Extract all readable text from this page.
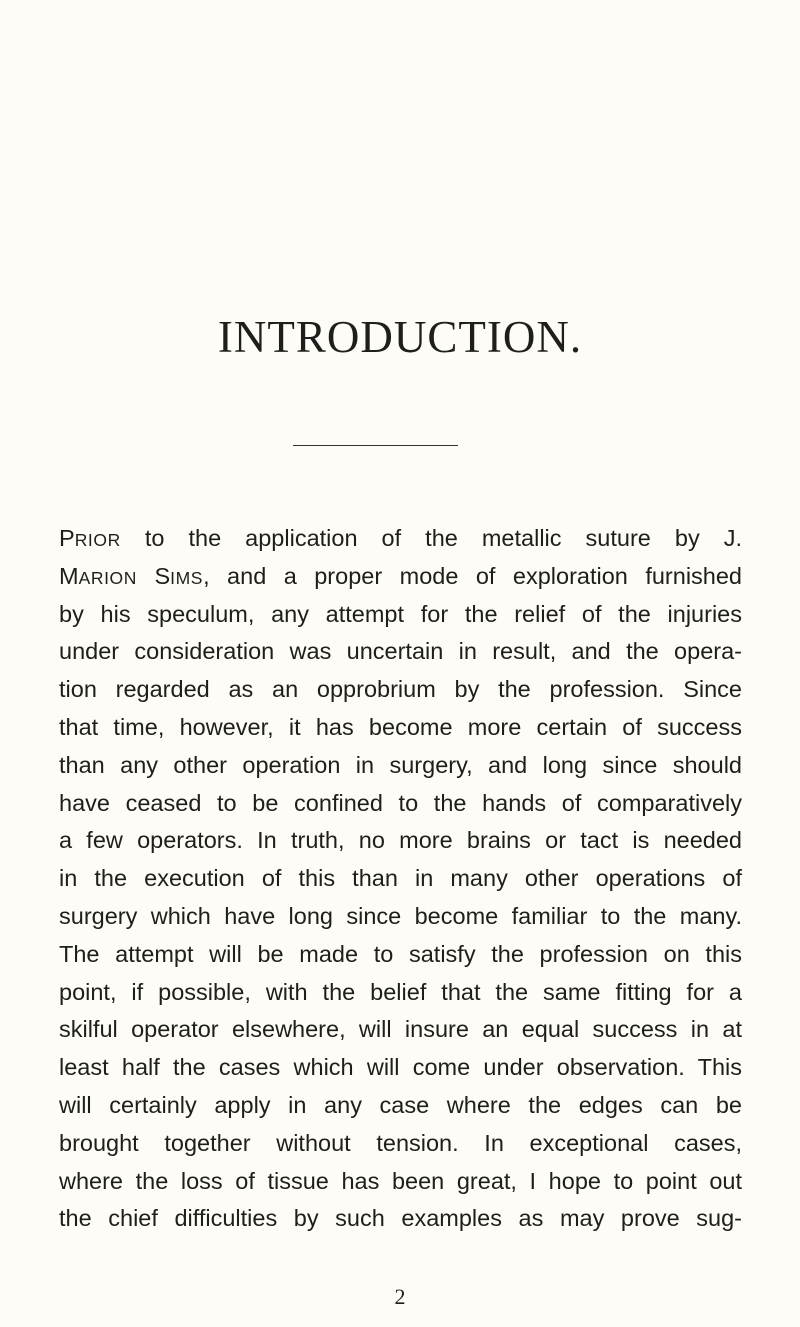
INTRODUCTION.
PRIOR to the application of the metallic suture by J.
MARION SIMS, and a proper mode of exploration furnished
by his speculum, any attempt for the relief of the injuries
under consideration was uncertain in result, and the opera-
tion regarded as an opprobrium by the profession. Since
that time, however, it has become more certain of success
than any other operation in surgery, and long since should
have ceased to be confined to the hands of comparatively
a few operators. In truth, no more brains or tact is needed
in the execution of this than in many other operations of
surgery which have long since become familiar to the many.
The attempt will be made to satisfy the profession on this
point, if possible, with the belief that the same fitting for a
skilful operator elsewhere, will insure an equal success in at
least half the cases which will come under observation. This
will certainly apply in any case where the edges can be
brought together without tension. In exceptional cases,
where the loss of tissue has been great, I hope to point out
the chief difficulties by such examples as may prove sug-
2
